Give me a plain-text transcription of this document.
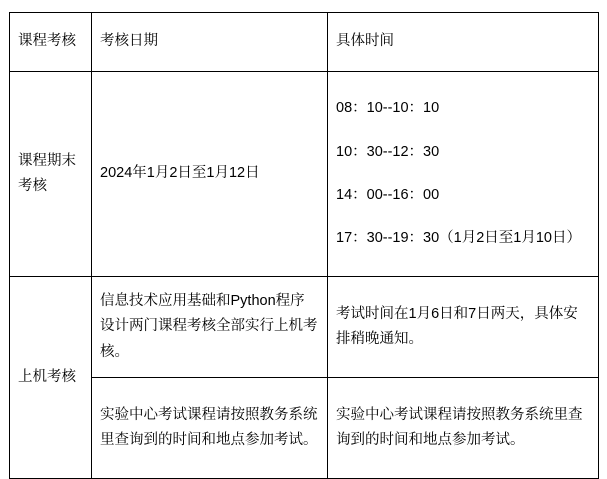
课程考核	考核日期	具体时间
课程期末考核	2024年1月2日至1月12日	08：10--10：10

10：30--12：30

14：00--16：00

17：30--19：30（1月2日至1月10日）

上机考核	信息技术应用基础和Python程序设计两门课程考核全部实行上机考核。	考试时间在1月6日和7日两天，具体安排稍晚通知。
	实验中心考试课程请按照教务系统里查询到的时间和地点参加考试。	实验中心考试课程请按照教务系统里查询到的时间和地点参加考试。
